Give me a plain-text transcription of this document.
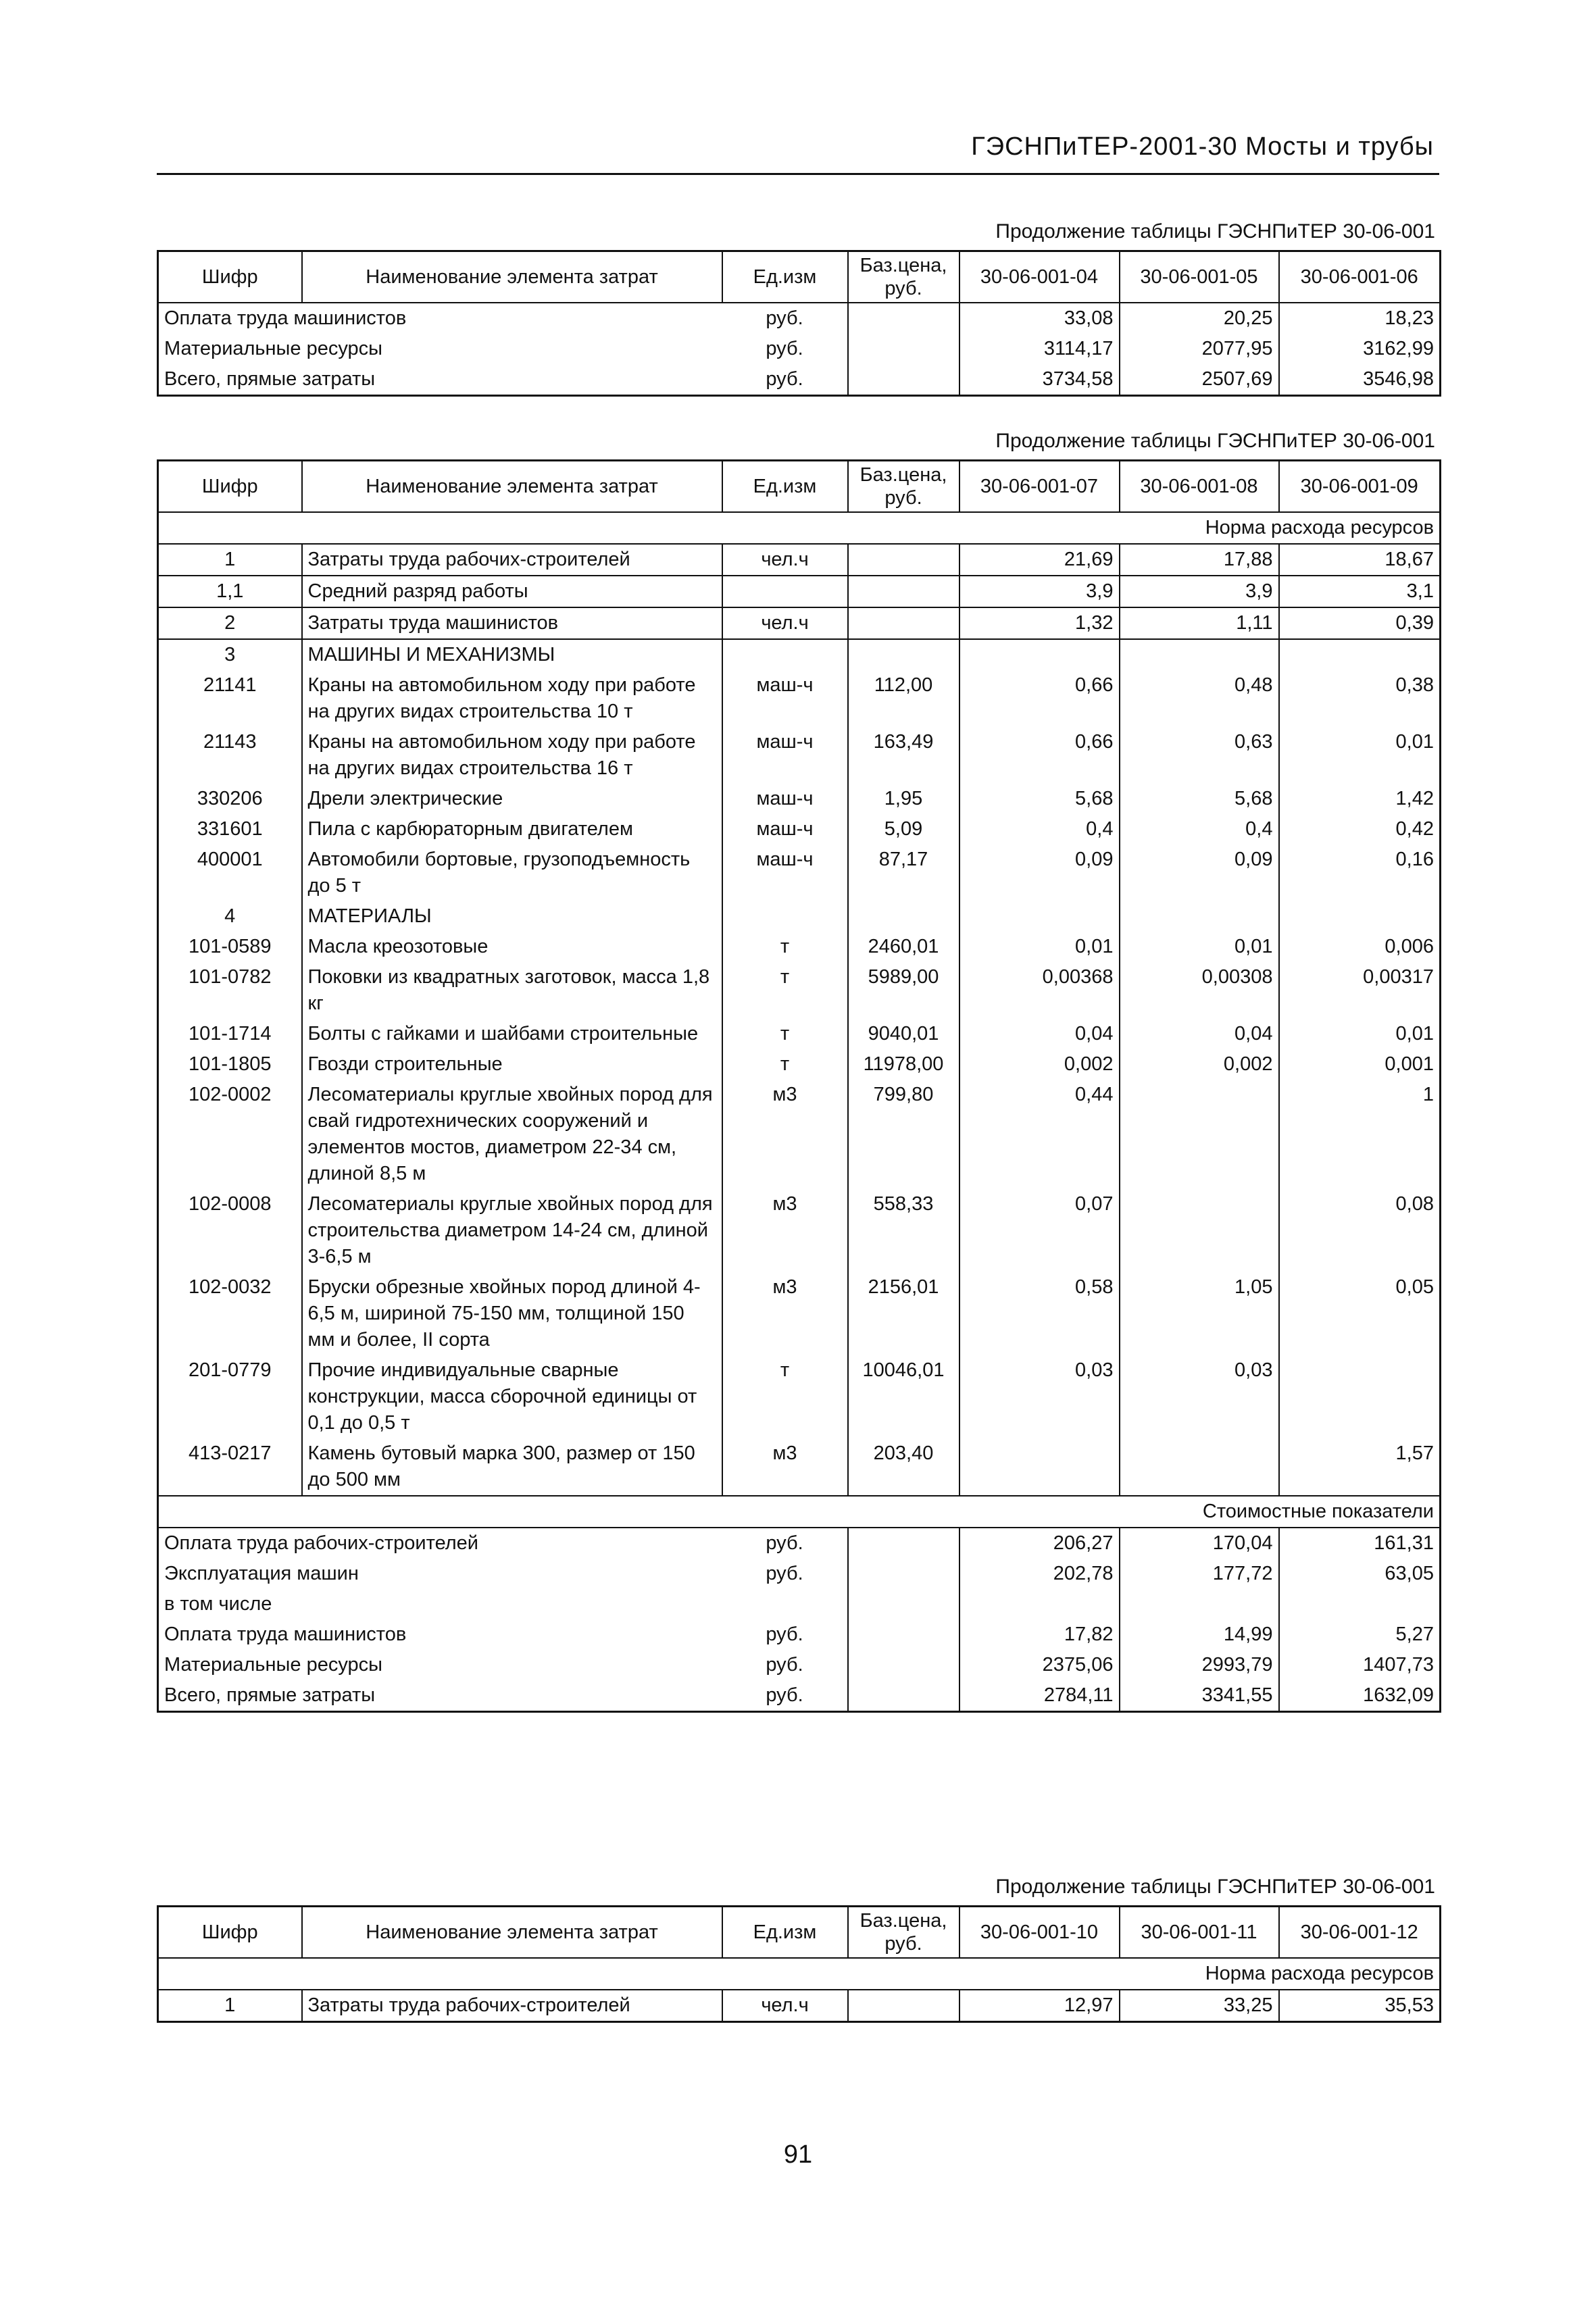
ГЭСНПиТЕР-2001-30 Мосты и трубы
Продолжение таблицы ГЭСНПиТЕР 30-06-001
Шифр	Наименование элемента затрат	Ед.изм	Баз.цена, руб.	30-06-001-04	30-06-001-05	30-06-001-06
Оплата труда машинистов		руб.		33,08	20,25	18,23
Материальные ресурсы		руб.		3114,17	2077,95	3162,99
Всего, прямые затраты		руб.		3734,58	2507,69	3546,98
Продолжение таблицы ГЭСНПиТЕР 30-06-001
Шифр	Наименование элемента затрат	Ед.изм	Баз.цена, руб.	30-06-001-07	30-06-001-08	30-06-001-09
Норма расхода ресурсов						
1	Затраты труда рабочих-строителей	чел.ч		21,69	17,88	18,67
1,1	Средний разряд работы			3,9	3,9	3,1
2	Затраты труда машинистов	чел.ч		1,32	1,11	0,39
3	МАШИНЫ И МЕХАНИЗМЫ					
21141	Краны на автомобильном ходу при работе на других видах строительства 10 т	маш-ч	112,00	0,66	0,48	0,38
21143	Краны на автомобильном ходу при работе на других видах строительства 16 т	маш-ч	163,49	0,66	0,63	0,01
330206	Дрели электрические	маш-ч	1,95	5,68	5,68	1,42
331601	Пила с карбюраторным двигателем	маш-ч	5,09	0,4	0,4	0,42
400001	Автомобили бортовые, грузоподъемность до 5 т	маш-ч	87,17	0,09	0,09	0,16
4	МАТЕРИАЛЫ					
101-0589	Масла креозотовые	т	2460,01	0,01	0,01	0,006
101-0782	Поковки из квадратных заготовок, масса 1,8 кг	т	5989,00	0,00368	0,00308	0,00317
101-1714	Болты с гайками и шайбами строительные	т	9040,01	0,04	0,04	0,01
101-1805	Гвозди строительные	т	11978,00	0,002	0,002	0,001
102-0002	Лесоматериалы круглые хвойных пород для свай гидротехнических сооружений и элементов мостов, диаметром 22-34 см, длиной 8,5 м	м3	799,80	0,44		1
102-0008	Лесоматериалы круглые хвойных пород для строительства диаметром 14-24 см, длиной 3-6,5 м	м3	558,33	0,07		0,08
102-0032	Бруски обрезные хвойных пород длиной 4-6,5 м, шириной 75-150 мм, толщиной 150 мм и более, II сорта	м3	2156,01	0,58	1,05	0,05
201-0779	Прочие индивидуальные сварные конструкции, масса сборочной единицы от 0,1 до 0,5 т	т	10046,01	0,03	0,03	
413-0217	Камень бутовый марка 300, размер от 150 до 500 мм	м3	203,40			1,57
Стоимостные показатели						
Оплата труда рабочих-строителей		руб.		206,27	170,04	161,31
Эксплуатация машин		руб.		202,78	177,72	63,05
в том числе						
Оплата труда машинистов		руб.		17,82	14,99	5,27
Материальные ресурсы		руб.		2375,06	2993,79	1407,73
Всего, прямые затраты		руб.		2784,11	3341,55	1632,09
Продолжение таблицы ГЭСНПиТЕР 30-06-001
Шифр	Наименование элемента затрат	Ед.изм	Баз.цена, руб.	30-06-001-10	30-06-001-11	30-06-001-12
Норма расхода ресурсов						
1	Затраты труда рабочих-строителей	чел.ч		12,97	33,25	35,53
91
